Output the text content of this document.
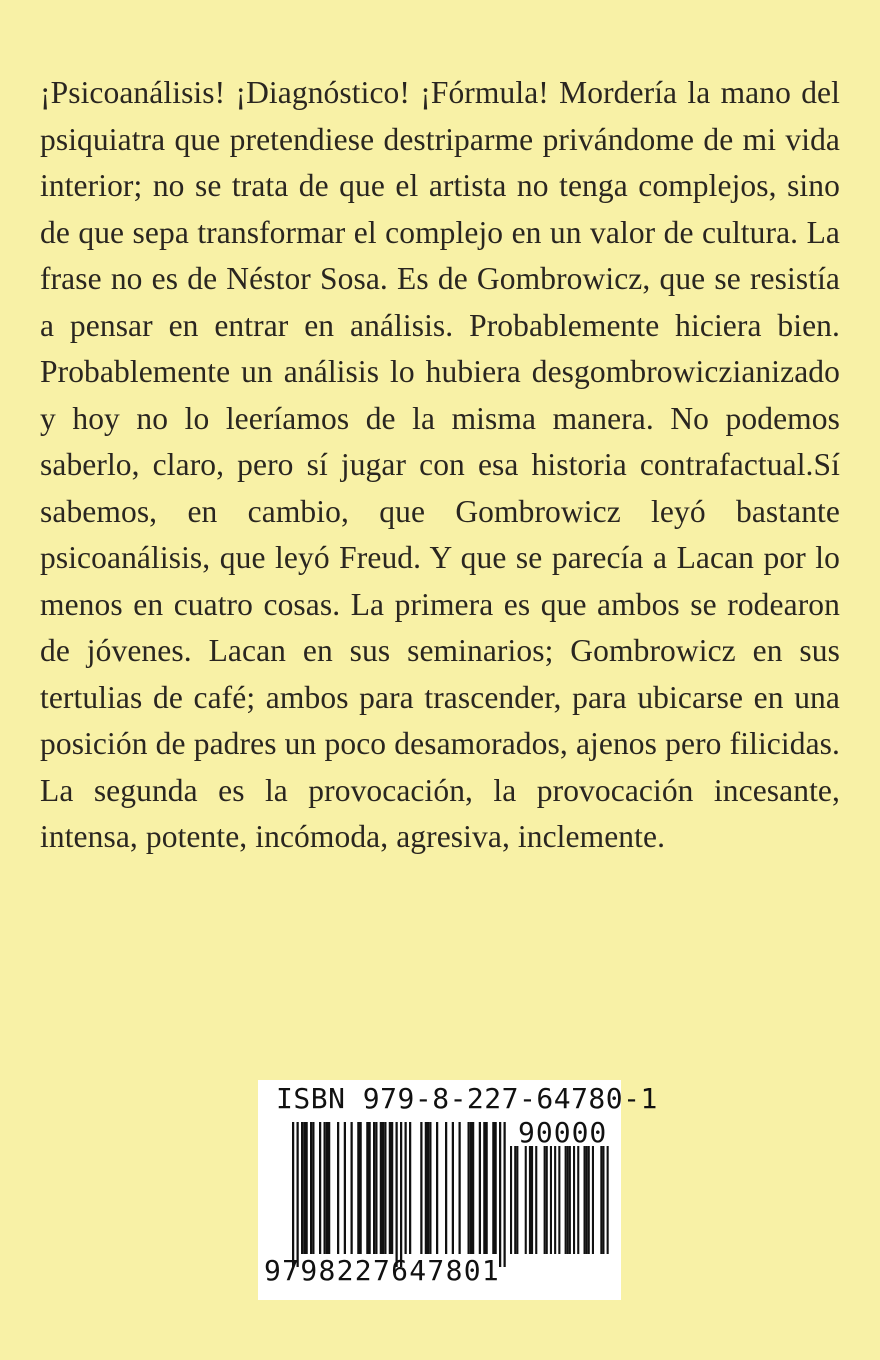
¡Psicoanálisis! ¡Diagnóstico! ¡Fórmula! Mordería la mano del psiquiatra que pretendiese destriparme privándome de mi vida interior; no se trata de que el artista no tenga complejos, sino de que sepa transformar el complejo en un valor de cultura. La frase no es de Néstor Sosa. Es de Gombrowicz, que se resistía a pensar en entrar en análisis. Probablemente hiciera bien. Probablemente un análisis lo hubiera desgombrowiczianizado y hoy no lo leeríamos de la misma manera. No podemos saberlo, claro, pero sí jugar con esa historia contrafactual.Sí sabemos, en cambio, que Gombrowicz leyó bastante psicoanálisis, que leyó Freud. Y que se parecía a Lacan por lo menos en cuatro cosas. La primera es que ambos se rodearon de jóvenes. Lacan en sus seminarios; Gombrowicz en sus tertulias de café; ambos para trascender, para ubicarse en una posición de padres un poco desamorados, ajenos pero filicidas. La segunda es la provocación, la provocación incesante, intensa, potente, incómoda, agresiva, inclemente.

ISBN 979-8-227-64780-1
90000
9798227647801
